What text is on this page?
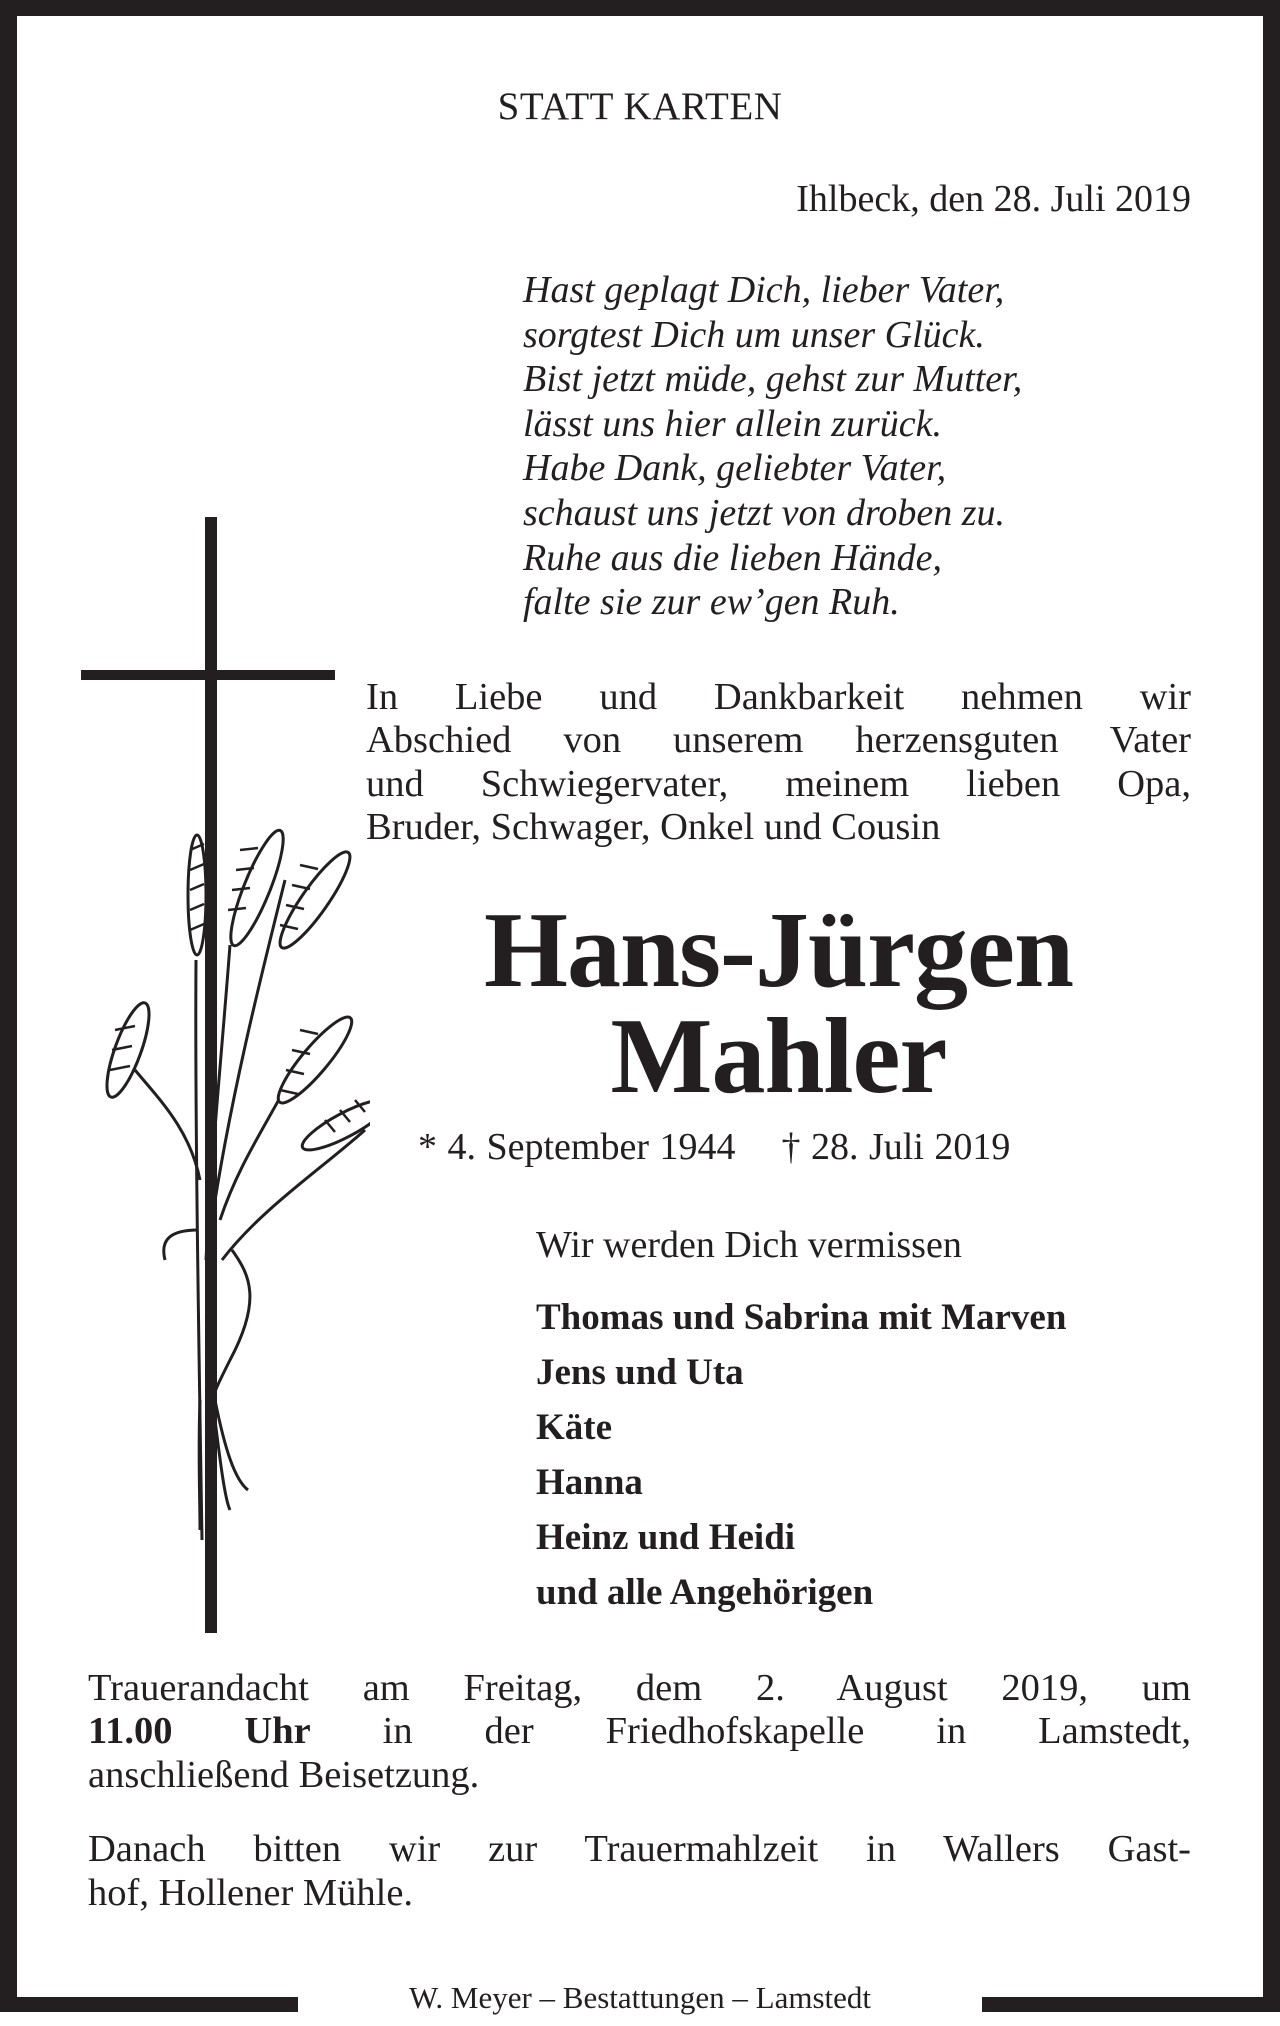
STATT KARTEN
Ihlbeck, den 28. Juli 2019
Hast geplagt Dich, lieber Vater,
sorgtest Dich um unser Glück.
Bist jetzt müde, gehst zur Mutter,
lässt uns hier allein zurück.
Habe Dank, geliebter Vater,
schaust uns jetzt von droben zu.
Ruhe aus die lieben Hände,
falte sie zur ew’gen Ruh.
In Liebe und Dankbarkeit nehmen wir
Abschied von unserem herzensguten Vater
und Schwiegervater, meinem lieben Opa,
Bruder, Schwager, Onkel und Cousin
Hans-Jürgen
Mahler
* 4. September 1944 † 28. Juli 2019
Wir werden Dich vermissen
Thomas und Sabrina mit Marven
Jens und Uta
Käte
Hanna
Heinz und Heidi
und alle Angehörigen
Trauerandacht am Freitag, dem 2. August 2019, um
11.00 Uhr in der Friedhofskapelle in Lamstedt,
anschließend Beisetzung.
Danach bitten wir zur Trauermahlzeit in Wallers Gast-
hof, Hollener Mühle.
W. Meyer – Bestattungen – Lamstedt
